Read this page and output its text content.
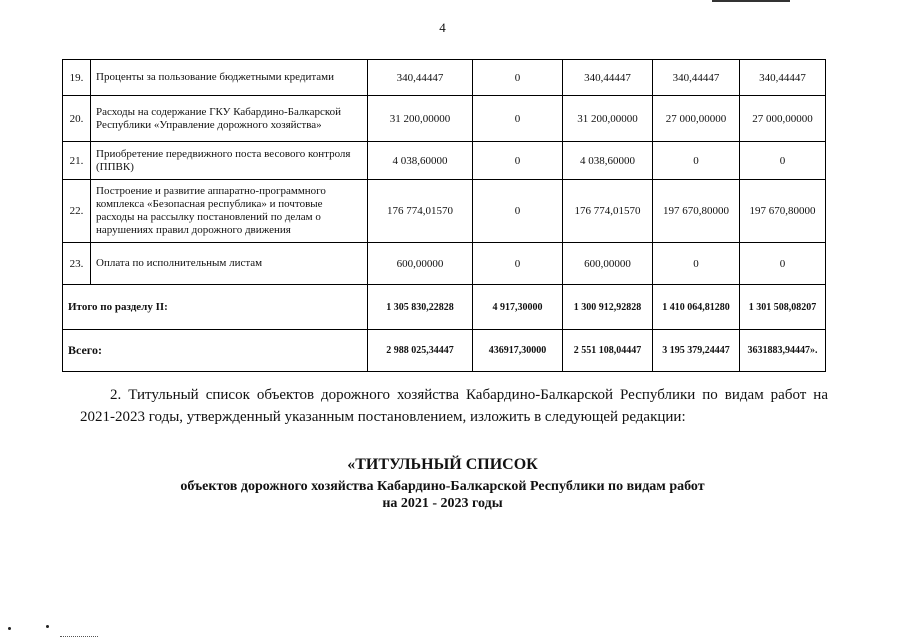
4
19.	Проценты за пользование бюджетными кредитами	340,44447	0	340,44447	340,44447	340,44447
20.	Расходы на содержание ГКУ Кабардино-Балкарской Республики «Управление дорожного хозяйства»	31 200,00000	0	31 200,00000	27 000,00000	27 000,00000
21.	Приобретение передвижного поста весового контроля (ППВК)	4 038,60000	0	4 038,60000	0	0
22.	Построение и развитие аппаратно-программного комплекса «Безопасная республика» и почтовые расходы на рассылку постановлений по делам о нарушениях правил дорожного движения	176 774,01570	0	176 774,01570	197 670,80000	197 670,80000
23.	Оплата по исполнительным листам	600,00000	0	600,00000	0	0
Итого по разделу II:		1 305 830,22828	4 917,30000	1 300 912,92828	1 410 064,81280	1 301 508,08207
Всего:		2 988 025,34447	436917,30000	2 551 108,04447	3 195 379,24447	3631883,94447».
2. Титульный список объектов дорожного хозяйства Кабардино-Балкарской Республики по видам работ на 2021-2023 годы, утвержденный указанным постановлением, изложить в следующей редакции:
«ТИТУЛЬНЫЙ СПИСОК
объектов дорожного хозяйства Кабардино-Балкарской Республики по видам работ
на 2021 - 2023 годы
